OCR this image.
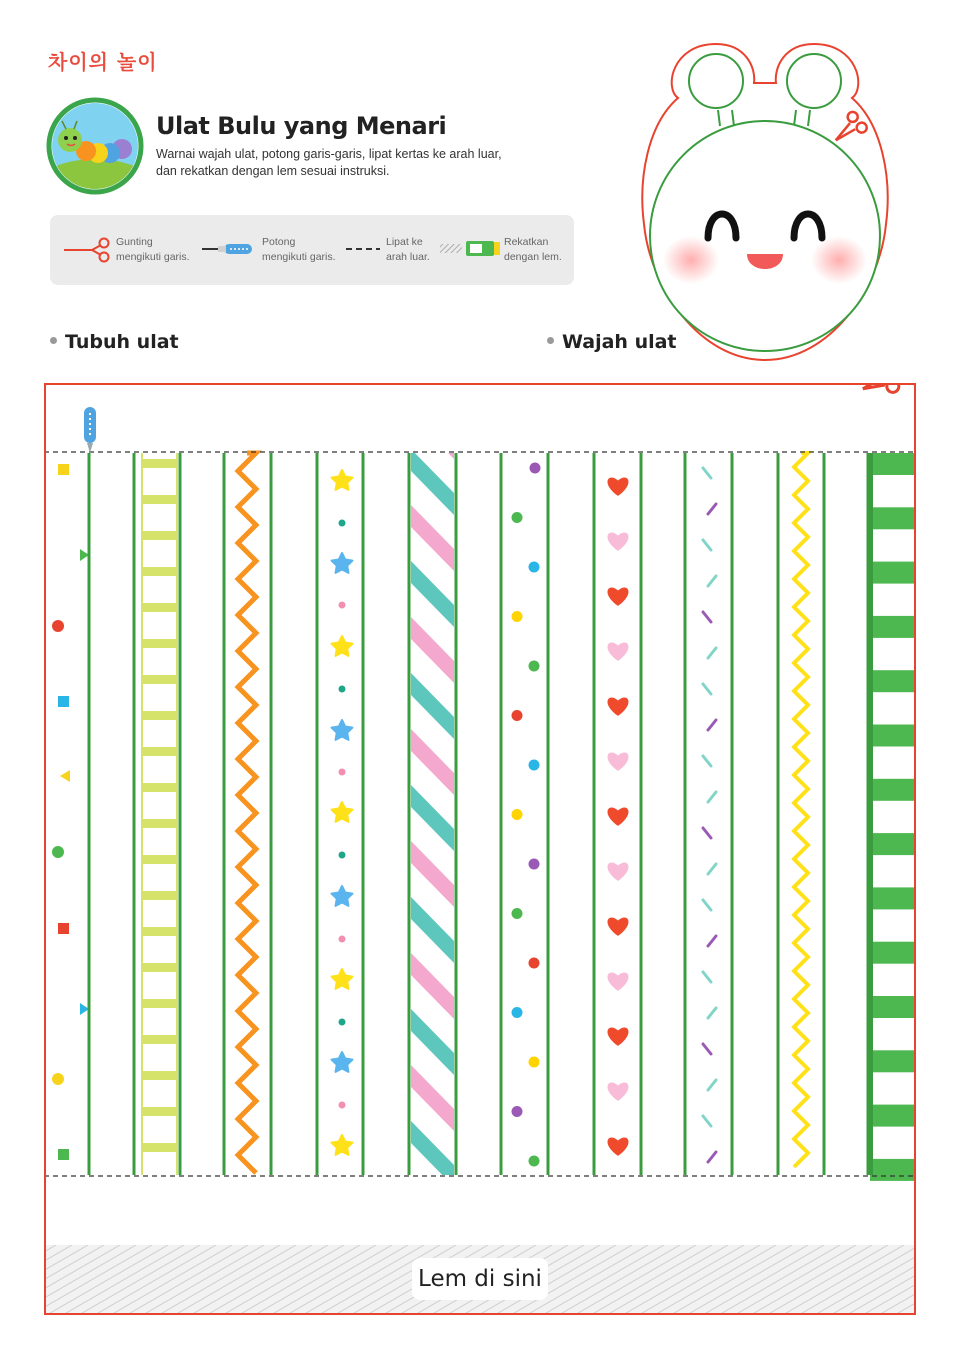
차이의 놀이
Ulat Bulu yang Menari
Warnai wajah ulat, potong garis-garis, lipat kertas ke arah luar,
dan rekatkan dengan lem sesuai instruksi.
Gunting
mengikuti garis.
Potong
mengikuti garis.
Lipat ke
arah luar.
Rekatkan
dengan lem.
Tubuh ulat	Wajah ulat
Lem di sini
